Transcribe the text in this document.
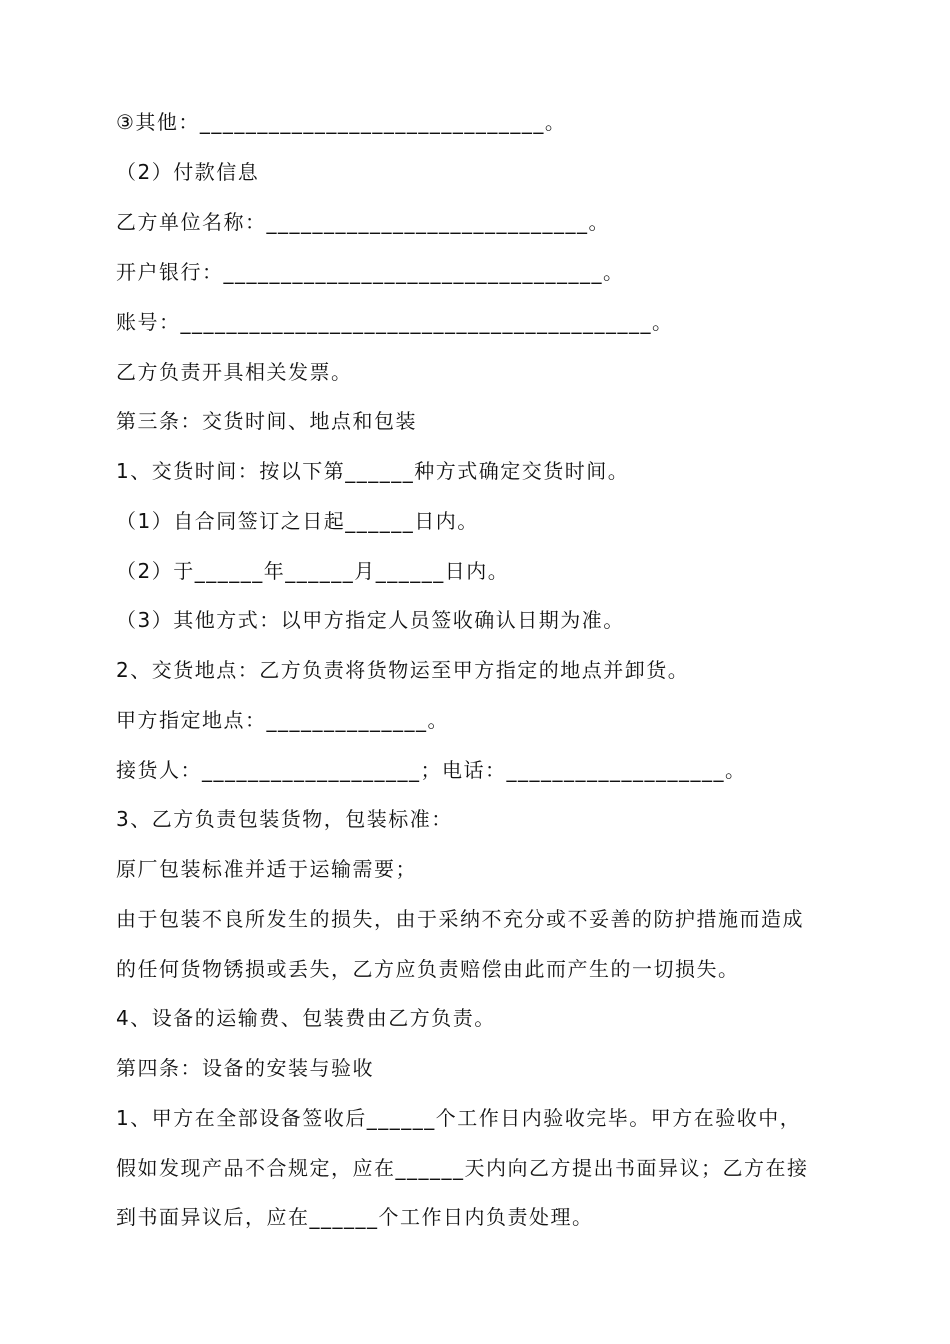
③其他：______________________________。
（2）付款信息
乙方单位名称：____________________________。
开户银行：_________________________________。
账号：_________________________________________。
乙方负责开具相关发票。
第三条：交货时间、地点和包装
1、交货时间：按以下第______种方式确定交货时间。
（1）自合同签订之日起______日内。
（2）于______年______月______日内。
（3）其他方式：以甲方指定人员签收确认日期为准。
2、交货地点：乙方负责将货物运至甲方指定的地点并卸货。
甲方指定地点：______________。
接货人：___________________；电话：___________________。
3、乙方负责包装货物，包装标准：
原厂包装标准并适于运输需要；
由于包装不良所发生的损失，由于采纳不充分或不妥善的防护措施而造成
的任何货物锈损或丢失，乙方应负责赔偿由此而产生的一切损失。
4、设备的运输费、包装费由乙方负责。
第四条：设备的安装与验收
1、甲方在全部设备签收后______个工作日内验收完毕。甲方在验收中，
假如发现产品不合规定，应在______天内向乙方提出书面异议；乙方在接
到书面异议后，应在______个工作日内负责处理。
